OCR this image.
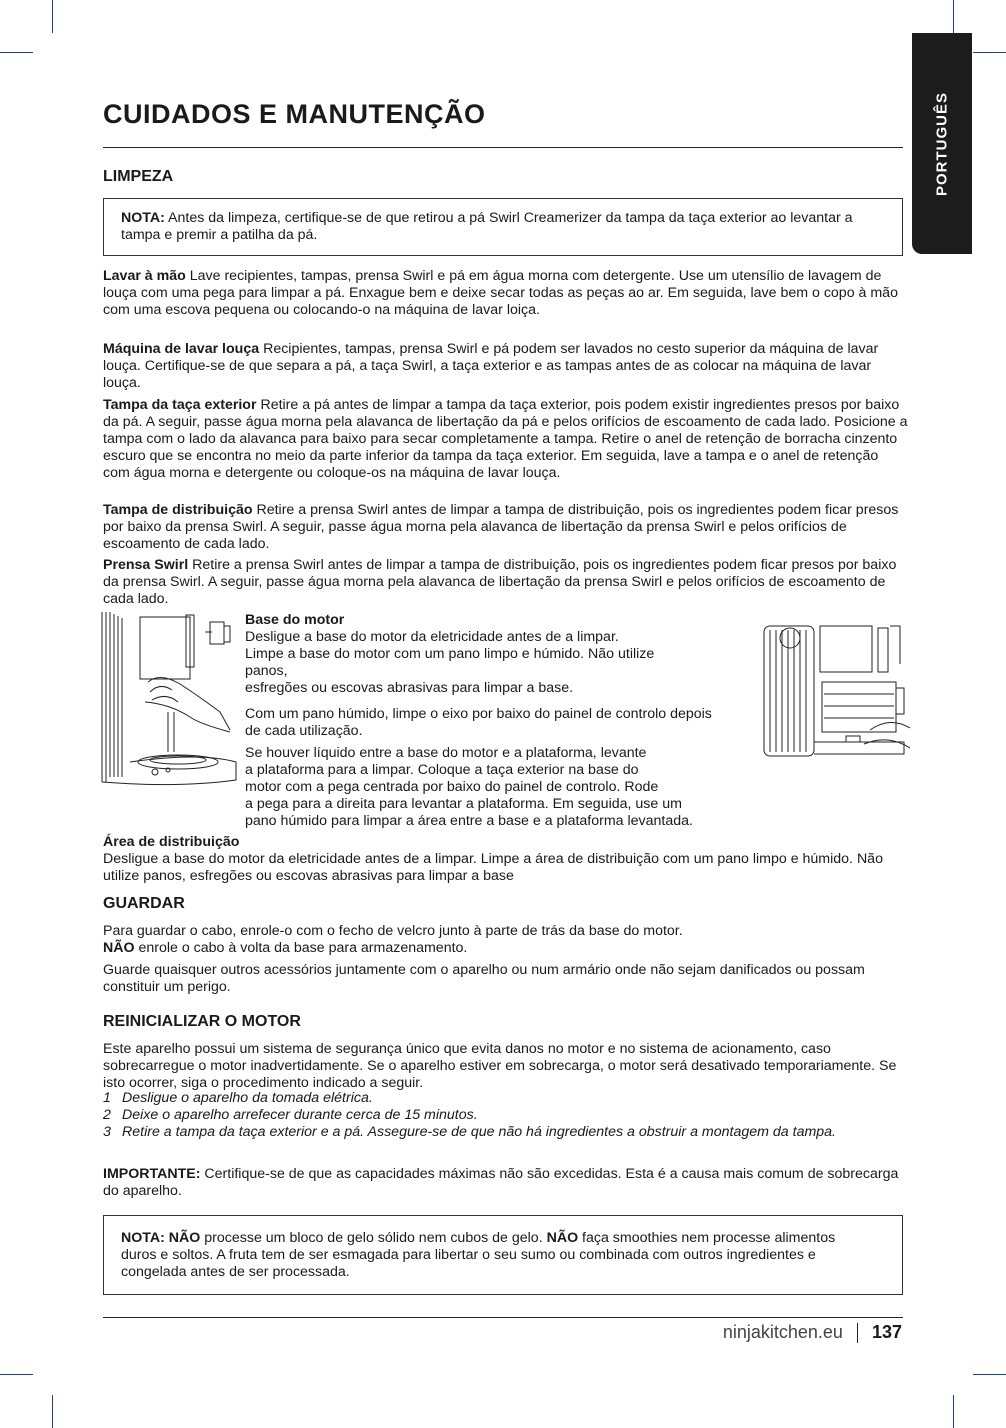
PORTUGUÊS
CUIDADOS E MANUTENÇÃO
LIMPEZA

NOTA: Antes da limpeza, certifique-se de que retirou a pá Swirl Creamerizer da tampa da taça exterior ao levantar a tampa e premir a patilha da pá.

Lavar à mão Lave recipientes, tampas, prensa Swirl e pá em água morna com detergente. Use um utensílio de lavagem de louça com uma pega para limpar a pá. Enxague bem e deixe secar todas as peças ao ar. Em seguida, lave bem o copo à mão com uma escova pequena ou colocando-o na máquina de lavar loiça.

Máquina de lavar louça Recipientes, tampas, prensa Swirl e pá podem ser lavados no cesto superior da máquina de lavar louça. Certifique-se de que separa a pá, a taça Swirl, a taça exterior e as tampas antes de as colocar na máquina de lavar louça.

Tampa da taça exterior Retire a pá antes de limpar a tampa da taça exterior, pois podem existir ingredientes presos por baixo da pá. A seguir, passe água morna pela alavanca de libertação da pá e pelos orifícios de escoamento de cada lado. Posicione a tampa com o lado da alavanca para baixo para secar completamente a tampa. Retire o anel de retenção de borracha cinzento escuro que se encontra no meio da parte inferior da tampa da taça exterior. Em seguida, lave a tampa e o anel de retenção com água morna e detergente ou coloque-os na máquina de lavar louça.

Tampa de distribuição Retire a prensa Swirl antes de limpar a tampa de distribuição, pois os ingredientes podem ficar presos por baixo da prensa Swirl. A seguir, passe água morna pela alavanca de libertação da prensa Swirl e pelos orifícios de escoamento de cada lado.

Prensa Swirl Retire a prensa Swirl antes de limpar a tampa de distribuição, pois os ingredientes podem ficar presos por baixo da prensa Swirl. A seguir, passe água morna pela alavanca de libertação da prensa Swirl e pelos orifícios de escoamento de cada lado.

Base do motor
Desligue a base do motor da eletricidade antes de a limpar.
Limpe a base do motor com um pano limpo e húmido. Não utilize
panos,
esfregões ou escovas abrasivas para limpar a base.

Com um pano húmido, limpe o eixo por baixo do painel de controlo depois de cada utilização.

Se houver líquido entre a base do motor e a plataforma, levante
a plataforma para a limpar. Coloque a taça exterior na base do
motor com a pega centrada por baixo do painel de controlo. Rode
a pega para a direita para levantar a plataforma. Em seguida, use um
pano húmido para limpar a área entre a base e a plataforma levantada.
Área de distribuição

Desligue a base do motor da eletricidade antes de a limpar. Limpe a área de distribuição com um pano limpo e húmido. Não utilize panos, esfregões ou escovas abrasivas para limpar a base

GUARDAR

Para guardar o cabo, enrole-o com o fecho de velcro junto à parte de trás da base do motor.
NÃO enrole o cabo à volta da base para armazenamento.

Guarde quaisquer outros acessórios juntamente com o aparelho ou num armário onde não sejam danificados ou possam constituir um perigo.

REINICIALIZAR O MOTOR

Este aparelho possui um sistema de segurança único que evita danos no motor e no sistema de acionamento, caso sobrecarregue o motor inadvertidamente. Se o aparelho estiver em sobrecarga, o motor será desativado temporariamente. Se isto ocorrer, siga o procedimento indicado a seguir.

1 Desligue o aparelho da tomada elétrica.
2 Deixe o aparelho arrefecer durante cerca de 15 minutos.
3 Retire a tampa da taça exterior e a pá. Assegure-se de que não há ingredientes a obstruir a montagem da tampa.

IMPORTANTE: Certifique-se de que as capacidades máximas não são excedidas. Esta é a causa mais comum de sobrecarga do aparelho.

NOTA: NÃO processe um bloco de gelo sólido nem cubos de gelo. NÃO faça smoothies nem processe alimentos duros e soltos. A fruta tem de ser esmagada para libertar o seu sumo ou combinada com outros ingredientes e congelada antes de ser processada.

ninjakitchen.eu 137
